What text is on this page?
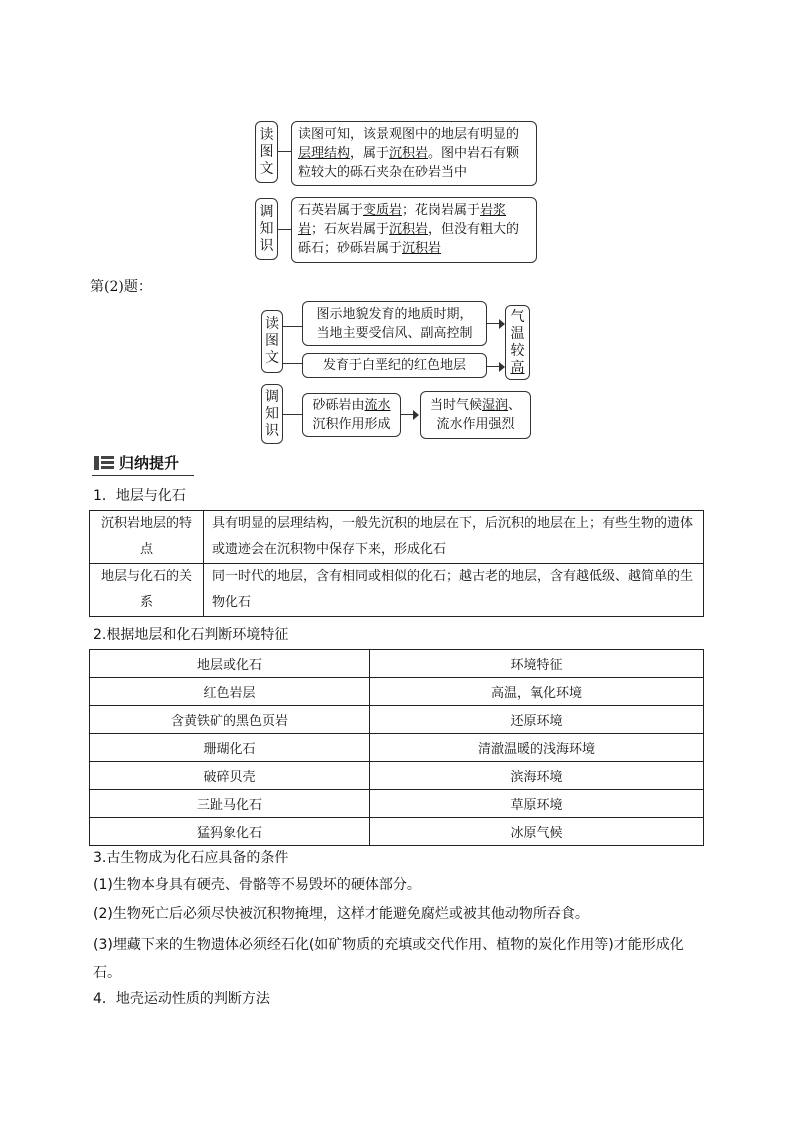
读
图
文
读图可知，该景观图中的地层有明显的层理结构，属于沉积岩。图中岩石有颗粒较大的砾石夹杂在砂岩当中
调
知
识
石英岩属于变质岩；花岗岩属于岩浆岩；石灰岩属于沉积岩，但没有粗大的砾石；砂砾岩属于沉积岩
第(2)题：
读
图
文
图示地貌发育的地质时期，当地主要受信风、副高控制
发育于白垩纪的红色地层
气
温
较
高
调
知
识
砂砾岩由流水沉积作用形成
当时气候湿润、流水作用强烈
归纳提升
1．地层与化石
沉积岩地层的特点	具有明显的层理结构，一般先沉积的地层在下，后沉积的地层在上；有些生物的遗体或遗迹会在沉积物中保存下来，形成化石
地层与化石的关系	同一时代的地层，含有相同或相似的化石；越古老的地层，含有越低级、越简单的生物化石
2.根据地层和化石判断环境特征
地层或化石	环境特征
红色岩层	高温，氧化环境
含黄铁矿的黑色页岩	还原环境
珊瑚化石	清澈温暖的浅海环境
破碎贝壳	滨海环境
三趾马化石	草原环境
猛犸象化石	冰原气候
3.古生物成为化石应具备的条件
(1)生物本身具有硬壳、骨骼等不易毁坏的硬体部分。
(2)生物死亡后必须尽快被沉积物掩埋，这样才能避免腐烂或被其他动物所吞食。
(3)埋藏下来的生物遗体必须经石化(如矿物质的充填或交代作用、植物的炭化作用等)才能形成化石。
4．地壳运动性质的判断方法
